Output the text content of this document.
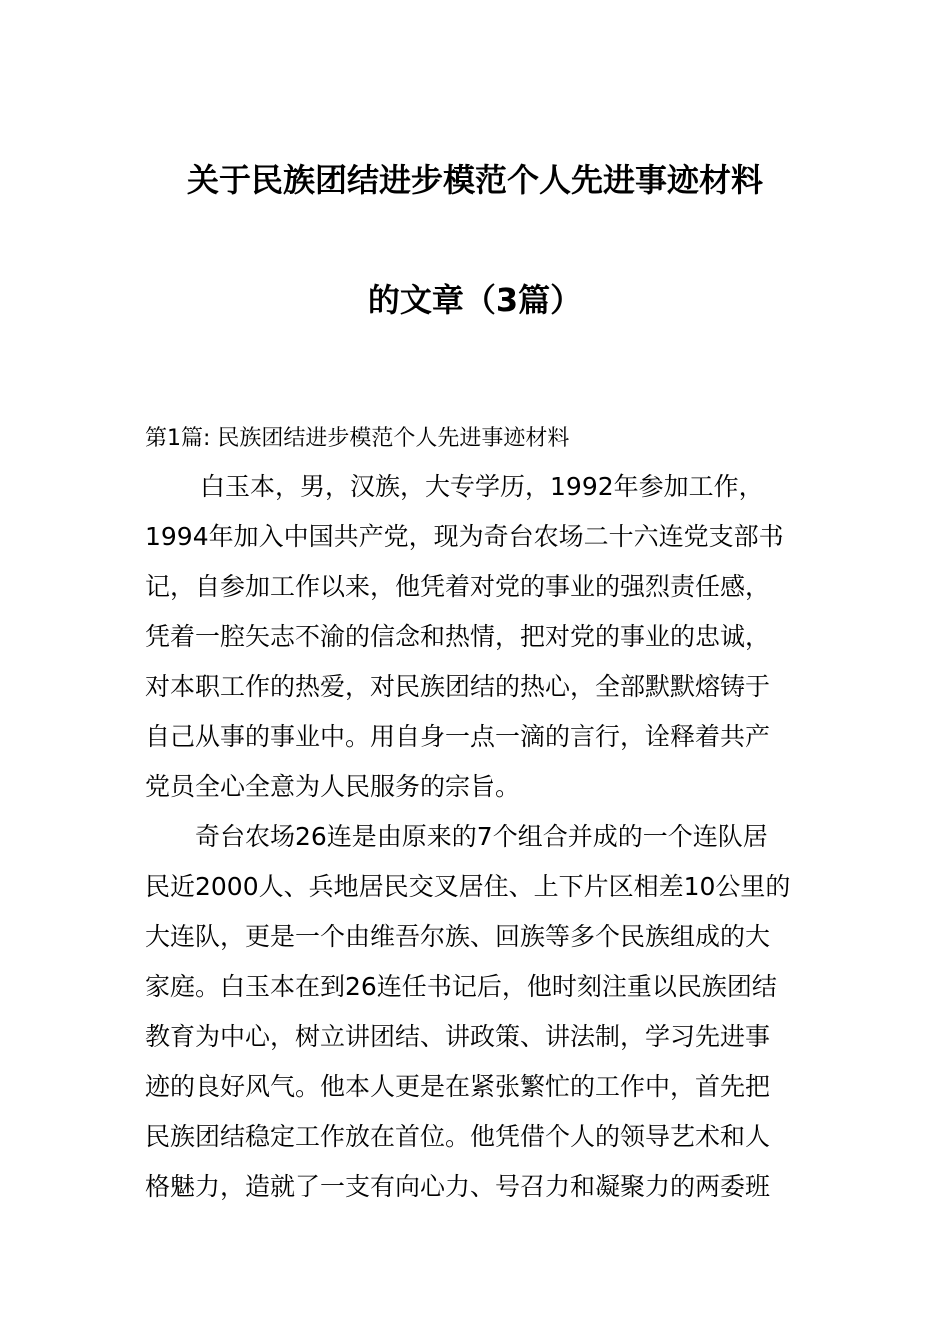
关于民族团结进步模范个人先进事迹材料
的文章（3篇）
第1篇: 民族团结进步模范个人先进事迹材料
白玉本，男，汉族，大专学历，1992年参加工作，
1994年加入中国共产党，现为奇台农场二十六连党支部书
记，自参加工作以来，他凭着对党的事业的强烈责任感，
凭着一腔矢志不渝的信念和热情，把对党的事业的忠诚，
对本职工作的热爱，对民族团结的热心，全部默默熔铸于
自己从事的事业中。用自身一点一滴的言行，诠释着共产
党员全心全意为人民服务的宗旨。
奇台农场26连是由原来的7个组合并成的一个连队居
民近2000人、兵地居民交叉居住、上下片区相差10公里的
大连队，更是一个由维吾尔族、回族等多个民族组成的大
家庭。白玉本在到26连任书记后，他时刻注重以民族团结
教育为中心，树立讲团结、讲政策、讲法制，学习先进事
迹的良好风气。他本人更是在紧张繁忙的工作中，首先把
民族团结稳定工作放在首位。他凭借个人的领导艺术和人
格魅力，造就了一支有向心力、号召力和凝聚力的两委班
